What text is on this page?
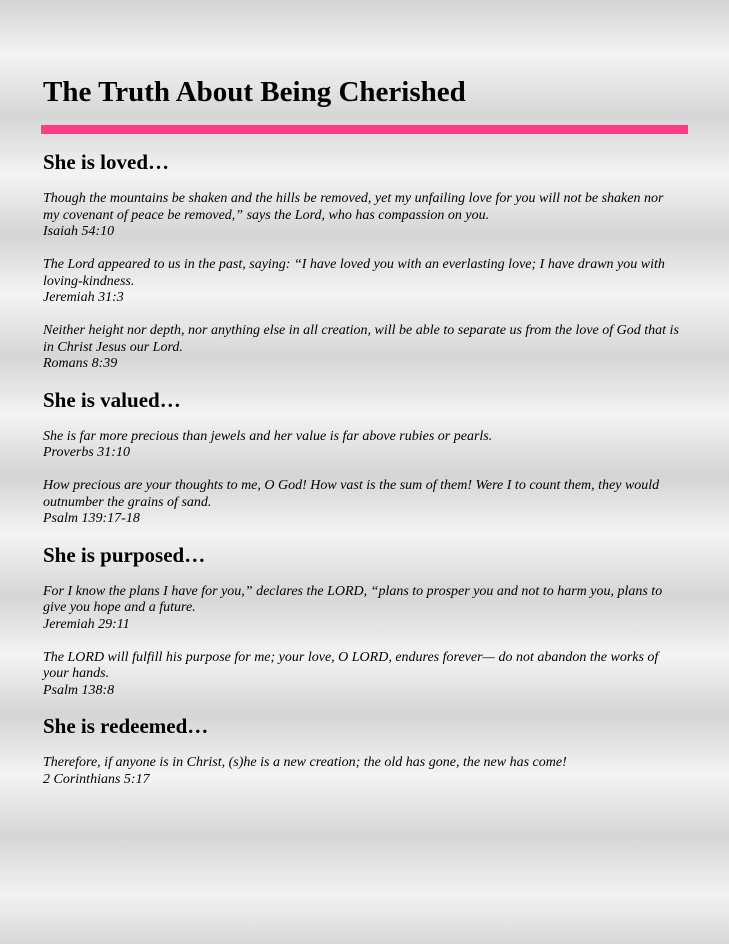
The Truth About Being Cherished
She is loved…

Though the mountains be shaken and the hills be removed, yet my unfailing love for you will not be shaken nor my covenant of peace be removed,” says the Lord, who has compassion on you.
Isaiah 54:10

The Lord appeared to us in the past, saying: “I have loved you with an everlasting love; I have drawn you with loving-kindness.
Jeremiah 31:3

Neither height nor depth, nor anything else in all creation, will be able to separate us from the love of God that is in Christ Jesus our Lord.
Romans 8:39

She is valued…

She is far more precious than jewels and her value is far above rubies or pearls.
Proverbs 31:10

How precious are your thoughts to me, O God! How vast is the sum of them! Were I to count them, they would outnumber the grains of sand.
Psalm 139:17-18

She is purposed…

For I know the plans I have for you,” declares the LORD, “plans to prosper you and not to harm you, plans to give you hope and a future.
Jeremiah 29:11

The LORD will fulfill his purpose for me; your love, O LORD, endures forever— do not abandon the works of your hands.
Psalm 138:8

She is redeemed…

Therefore, if anyone is in Christ, (s)he is a new creation; the old has gone, the new has come!
2 Corinthians 5:17
